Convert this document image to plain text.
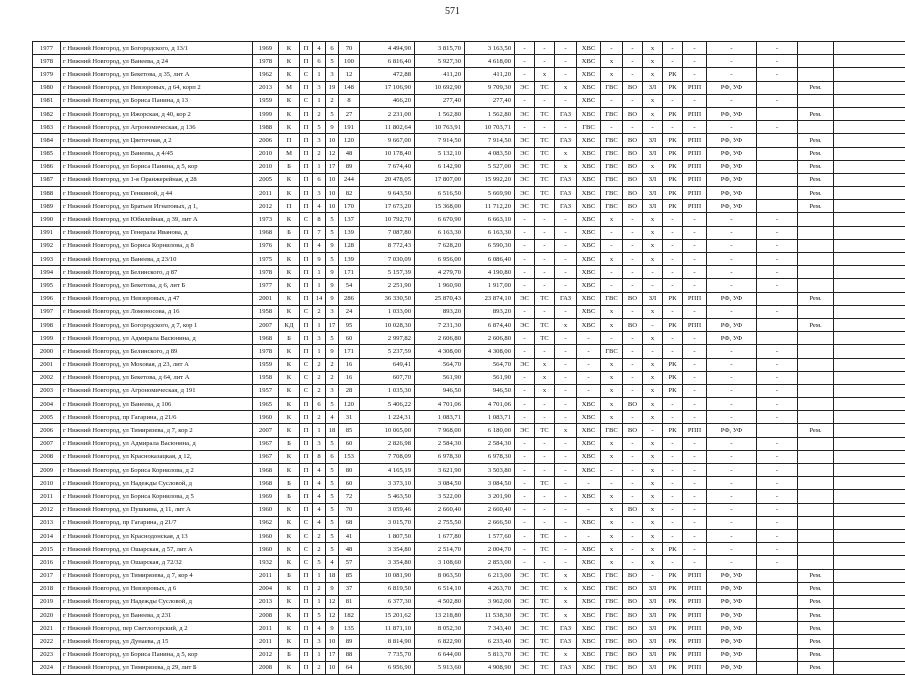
571
1977	г Нижний Новгород, ул Богородского, д 13/1	1969	К	П	4	6	70	4 494,90	3 815,70	3 163,50	-	-	-	ХВС	-	-	х	-	-	-	-		
1978	г Нижний Новгород, ул Ванеева, д 24	1978	К	П	6	5	100	6 816,40	5 927,30	4 618,00	-	-	-	ХВС	х	-	х	-	-	-	-		
1979	г Нижний Новгород, ул Бекетова, д 35, лит А	1962	К	С	1	3	12	472,88	411,20	411,20	-	х	-	ХВС	х	-	х	РК	-	-	-		
1980	г Нижний Новгород, ул Невзоровых, д 64, корп 2	2013	М	П	3	19	148	17 106,90	10 692,90	9 709,30	ЭС	ТС	х	ХВС	ГВС	ВО	ЗЛ	РК	РПП	РФ, УФ		Рем.	
1981	г Нижний Новгород, ул Бориса Панина, д 13	1959	К	С	1	2	8	466,20	277,40	277,40	-	-	-	ХВС	-	-	х	-	-	-	-		
1982	г Нижний Новгород, ул Ижорская, д 40, кор 2	1999	К	П	2	5	27	2 231,00	1 562,80	1 562,80	ЭС	ТС	ГАЗ	ХВС	ГВС	ВО	х	РК	РПП	РФ, УФ		Рем.	
1983	г Нижний Новгород, ул Агрономическая, д 136	1988	К	П	5	9	191	11 802,64	10 763,91	10 703,71	-	-	-	ГВС	-	-	-	-	-	-	-		
1984	г Нижний Новгород, ул Цветочная, д 2	2006	П	П	3	10	120	9 667,00	7 914,50	7 914,50	ЭС	ТС	ГАЗ	ХВС	ГВС	ВО	ЗЛ	РК	РПП	РФ, УФ		Рем.	
1985	г Нижний Новгород, ул Ванеева, д 4/45	2010	М	П	2	12	48	10 178,40	5 132,10	4 083,50	ЭС	ТС	х	ХВС	ГВС	ВО	ЗЛ	РК	РПП	РФ, УФ		Рем.	
1986	г Нижний Новгород, ул Бориса Панина, д 5, кор	2010	Б	П	1	17	89	7 674,40	6 142,90	5 527,00	ЭС	ТС	х	ХВС	ГВС	ВО	х	РК	РПП	РФ, УФ		Рем.	
1987	г Нижний Новгород, ул 1-я Оранжерейная, д 28	2005	К	П	6	10	244	20 478,05	17 807,00	15 992,20	ЭС	ТС	ГАЗ	ХВС	ГВС	ВО	ЗЛ	РК	РПП	РФ, УФ		Рем.	
1988	г Нижний Новгород, ул Генкиной, д 44	2011	К	П	3	10	82	9 643,50	6 516,50	5 669,90	ЭС	ТС	ГАЗ	ХВС	ГВС	ВО	ЗЛ	РК	РПП	РФ, УФ		Рем.	
1989	г Нижний Новгород, ул Братьев Игнатовых, д 1,	2012	П	П	4	10	170	17 673,20	15 368,00	11 712,20	ЭС	ТС	ГАЗ	ХВС	ГВС	ВО	ЗЛ	РК	РПП	РФ, УФ		Рем.	
1990	г Нижний Новгород, ул Юбилейная, д 39, лит А	1973	К	С	8	5	137	10 792,70	6 670,90	6 663,10	-	-	-	ХВС	х	-	х	-	-	-	-		
1991	г Нижний Новгород, ул Генерала Иванова, д	1968	Б	П	7	5	139	7 087,80	6 163,30	6 163,30	-	-	-	ХВС	-	-	х	-	-	-	-		
1992	г Нижний Новгород, ул Бориса Корнилова, д 8	1976	К	П	4	9	128	8 772,43	7 628,20	6 590,30	-	-	-	ХВС	-	-	х	-	-	-	-		
1993	г Нижний Новгород, ул Ванеева, д 23/10	1975	К	П	9	5	139	7 030,09	6 956,00	6 086,40	-	-	-	ХВС	х	-	х	-	-	-	-		
1994	г Нижний Новгород, ул Белинского, д 87	1978	К	П	1	9	171	5 157,39	4 279,70	4 190,80	-	-	-	ХВС	-	-	-	-	-	-	-		
1995	г Нижний Новгород, ул Бекетова, д 6, лит Б	1977	К	П	1	9	54	2 251,90	1 960,90	1 917,00	-	-	-	ХВС	-	-	-	-	-	-	-		
1996	г Нижний Новгород, ул Невзоровых, д 47	2001	К	П	14	9	286	36 330,50	25 870,43	23 874,10	ЭС	ТС	ГАЗ	ХВС	ГВС	ВО	ЗЛ	РК	РПП	РФ, УФ		Рем.	
1997	г Нижний Новгород, ул Ломоносова, д 16	1958	К	С	2	3	24	1 033,00	893,20	893,20	-	-	-	ХВС	х	-	х	-	-	-	-		
1998	г Нижний Новгород, ул Богородского, д 7, кор 1	2007	КД	П	1	17	95	10 028,30	7 231,30	6 874,40	ЭС	ТС	х	ХВС	х	ВО	-	РК	РПП	РФ, УФ		Рем.	
1999	г Нижний Новгород, ул Адмирала Васюнина, д	1968	Б	П	3	5	60	2 997,82	2 606,80	2 606,80	-	ТС	-	-	-	-	х	-	-	РФ, УФ			
2000	г Нижний Новгород, ул Белинского, д 89	1978	К	П	1	9	171	5 237,59	4 308,00	4 308,00	-	-	-	-	ГВС	-	-	-	-	-	-		
2001	г Нижний Новгород, ул Моховая, д 23, лит А	1959	К	С	2	2	16	649,41	564,70	564,70	ЭС	х	-	-	х	-	х	РК	-	-	-		
2002	г Нижний Новгород, ул Бекетова, д 64, лит А	1958	К	С	2	2	16	607,70	561,90	561,90	-	х	-	-	х	-	х	РК	-	-	-		
2003	г Нижний Новгород, ул Агрономическая, д 191	1957	К	С	2	3	28	1 035,30	946,50	946,50	-	х	-	-	х	-	х	РК	-	-	-		
2004	г Нижний Новгород, ул Ванеева, д 106	1965	К	П	6	5	120	5 406,22	4 701,06	4 701,06	-	-	-	ХВС	х	ВО	х	-	-	-	-		
2005	г Нижний Новгород, пр Гагарина, д 21/6	1960	К	П	2	4	31	1 224,31	1 083,71	1 083,71	-	-	-	ХВС	х	-	х	-	-	-	-		
2006	г Нижний Новгород, ул Тимирязева, д 7, кор 2	2007	К	П	1	18	85	10 065,00	7 968,00	6 180,00	ЭС	ТС	х	ХВС	ГВС	ВО	-	РК	РПП	РФ, УФ		Рем.	
2007	г Нижний Новгород, ул Адмирала Васюнина, д	1967	Б	П	3	5	60	2 826,98	2 584,30	2 584,30	-	-	-	ХВС	х	-	х	-	-	-	-		
2008	г Нижний Новгород, ул Красноказацкая, д 12,	1967	К	П	8	6	153	7 708,09	6 978,30	6 978,30	-	-	-	ХВС	х	-	х	-	-	-	-		
2009	г Нижний Новгород, ул Бориса Корнилова, д 2	1968	К	П	4	5	80	4 165,19	3 621,90	3 503,80	-	-	-	ХВС	-	-	х	-	-	-	-		
2010	г Нижний Новгород, ул Надежды Сусловой, д	1968	Б	П	4	5	60	3 373,10	3 084,50	3 084,50	-	ТС	-	-	-	-	х	-	-	-	-		
2011	г Нижний Новгород, ул Бориса Корнилова, д 5	1969	Б	П	4	5	72	5 463,50	3 522,00	3 201,90	-	-	-	ХВС	х	-	х	-	-	-	-		
2012	г Нижний Новгород, ул Пушкина, д 11, лит А	1960	К	П	4	5	70	3 059,46	2 660,40	2 660,40	-	-	-	-	х	ВО	х	-	-	-	-		
2013	г Нижний Новгород, пр Гагарина, д 21/7	1962	К	С	4	5	68	3 015,70	2 755,50	2 666,50	-	-	-	ХВС	х	-	х	-	-	-	-		
2014	г Нижний Новгород, ул Краснодонская, д 13	1960	К	С	2	5	41	1 807,50	1 677,80	1 577,60	-	ТС	-	-	х	-	х	-	-	-	-		
2015	г Нижний Новгород, ул Ошарская, д 57, лит А	1960	К	С	2	5	48	3 354,80	2 514,70	2 004,70	-	ТС	-	ХВС	х	-	х	РК	-	-	-		
2016	г Нижний Новгород, ул Ошарская, д 72/32	1932	К	С	5	4	57	3 354,80	3 108,60	2 853,00	-	-	-	ХВС	х	-	х	-	-	-	-		
2017	г Нижний Новгород, ул Тимирязева, д 7, кор 4	2011	Б	П	1	18	85	10 081,90	8 063,50	6 213,00	ЭС	ТС	х	ХВС	ГВС	ВО	-	РК	РПП	РФ, УФ		Рем.	
2018	г Нижний Новгород, ул Невзоровых, д 6	2004	К	П	2	9	37	6 819,50	6 514,10	4 263,70	ЭС	ТС	х	ХВС	ГВС	ВО	ЗЛ	РК	РПП	РФ, УФ		Рем.	
2019	г Нижний Новгород, ул Надежды Сусловой, д	2013	К	П	1	12	81	6 377,30	4 502,80	3 962,00	ЭС	ТС	х	ХВС	ГВС	ВО	ЗЛ	РК	РПП	РФ, УФ		Рем.	
2020	г Нижний Новгород, ул Ванеева, д 231	2008	К	П	5	12	182	15 201,62	13 218,80	11 538,30	ЭС	ТС	х	ХВС	ГВС	ВО	ЗЛ	РК	РПП	РФ, УФ		Рем.	
2021	г Нижний Новгород, пер Светлогорский, д 2	2011	К	П	4	9	135	11 871,10	8 052,30	7 343,40	ЭС	ТС	ГАЗ	ХВС	ГВС	ВО	ЗЛ	РК	РПП	РФ, УФ		Рем.	
2022	г Нижний Новгород, ул Дунаева, д 15	2011	К	П	3	10	89	8 814,90	6 822,90	6 233,40	ЭС	ТС	ГАЗ	ХВС	ГВС	ВО	ЗЛ	РК	РПП	РФ, УФ		Рем.	
2023	г Нижний Новгород, ул Бориса Панина, д 5, кор	2012	Б	П	1	17	88	7 735,70	6 644,00	5 813,70	ЭС	ТС	х	ХВС	ГВС	ВО	ЗЛ	РК	РПП	РФ, УФ		Рем.	
2024	г Нижний Новгород, ул Тимирязева, д 29, лит Б	2008	К	П	2	10	64	6 956,90	5 913,60	4 908,90	ЭС	ТС	ГАЗ	ХВС	ГВС	ВО	ЗЛ	РК	РПП	РФ, УФ		Рем.	
